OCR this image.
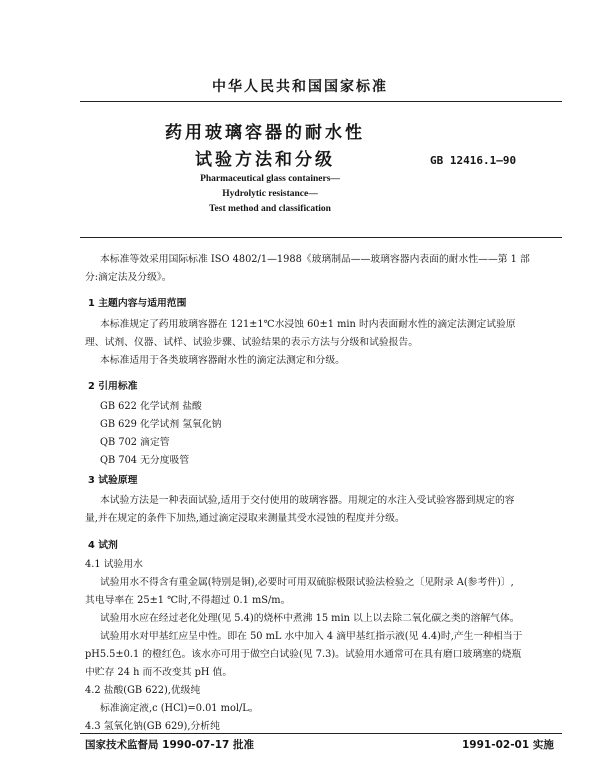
中华人民共和国国家标准
药用玻璃容器的耐水性
试验方法和分级	GB 12416.1—90
Pharmaceutical glass containers—
Hydrolytic resistance—
Test method and classification
本标准等效采用国际标准 ISO 4802/1—1988《玻璃制品——玻璃容器内表面的耐水性——第 1 部
分:滴定法及分级》。
1 主题内容与适用范围
本标准规定了药用玻璃容器在 121±1℃水浸蚀 60±1 min 时内表面耐水性的滴定法测定试验原
理、试剂、仪器、试样、试验步骤、试验结果的表示方法与分级和试验报告。
本标准适用于各类玻璃容器耐水性的滴定法测定和分级。
2 引用标准
GB 622 化学试剂 盐酸
GB 629 化学试剂 氢氧化钠
QB 702 滴定管
QB 704 无分度吸管
3 试验原理
本试验方法是一种表面试验,适用于交付使用的玻璃容器。用规定的水注入受试验容器到规定的容
量,并在规定的条件下加热,通过滴定浸取来测量其受水浸蚀的程度并分级。
4 试剂
4.1 试验用水
试验用水不得含有重金属(特别是铜),必要时可用双硫腙极限试验法检验之〔见附录 A(参考件)〕,
其电导率在 25±1 ℃时,不得超过 0.1 mS/m。
试验用水应在经过老化处理(见 5.4)的烧杯中煮沸 15 min 以上以去除二氧化碳之类的溶解气体。
试验用水对甲基红应呈中性。即在 50 mL 水中加入 4 滴甲基红指示液(见 4.4)时,产生一种相当于
pH5.5±0.1 的橙红色。该水亦可用于做空白试验(见 7.3)。试验用水通常可在具有磨口玻璃塞的烧瓶
中贮存 24 h 而不改变其 pH 值。
4.2 盐酸(GB 622),优级纯
标准滴定液,c (HCl)=0.01 mol/L。
4.3 氢氧化钠(GB 629),分析纯
国家技术监督局 1990-07-17 批准	1991-02-01 实施
